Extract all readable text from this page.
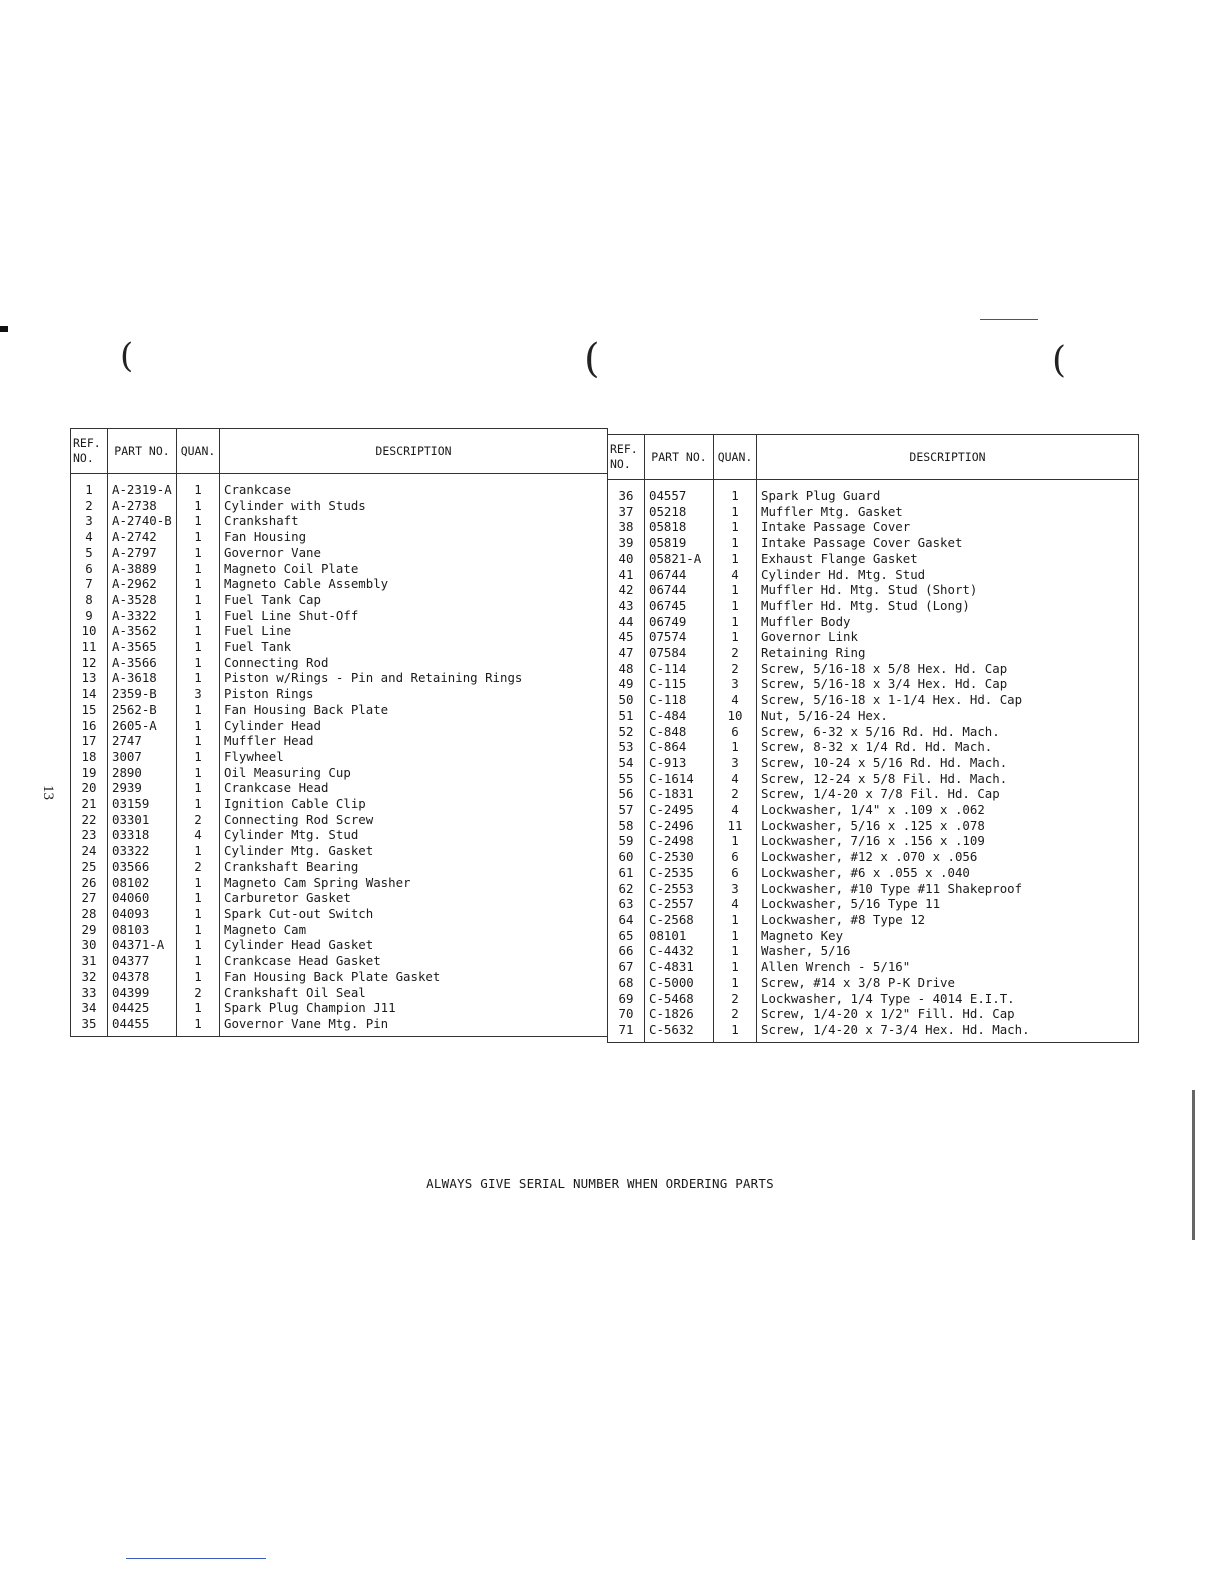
(	(	(
13
REF. NO.	PART NO.	QUAN.	DESCRIPTION
1	A-2319-A	1	Crankcase
2	A-2738	1	Cylinder with Studs
3	A-2740-B	1	Crankshaft
4	A-2742	1	Fan Housing
5	A-2797	1	Governor Vane
6	A-3889	1	Magneto Coil Plate
7	A-2962	1	Magneto Cable Assembly
8	A-3528	1	Fuel Tank Cap
9	A-3322	1	Fuel Line Shut-Off
10	A-3562	1	Fuel Line
11	A-3565	1	Fuel Tank
12	A-3566	1	Connecting Rod
13	A-3618	1	Piston w/Rings - Pin and Retaining Rings
14	2359-B	3	Piston Rings
15	2562-B	1	Fan Housing Back Plate
16	2605-A	1	Cylinder Head
17	2747	1	Muffler Head
18	3007	1	Flywheel
19	2890	1	Oil Measuring Cup
20	2939	1	Crankcase Head
21	03159	1	Ignition Cable Clip
22	03301	2	Connecting Rod Screw
23	03318	4	Cylinder Mtg. Stud
24	03322	1	Cylinder Mtg. Gasket
25	03566	2	Crankshaft Bearing
26	08102	1	Magneto Cam Spring Washer
27	04060	1	Carburetor Gasket
28	04093	1	Spark Cut-out Switch
29	08103	1	Magneto Cam
30	04371-A	1	Cylinder Head Gasket
31	04377	1	Crankcase Head Gasket
32	04378	1	Fan Housing Back Plate Gasket
33	04399	2	Crankshaft Oil Seal
34	04425	1	Spark Plug Champion J11
35	04455	1	Governor Vane Mtg. Pin
REF. NO.	PART NO.	QUAN.	DESCRIPTION
36	04557	1	Spark Plug Guard
37	05218	1	Muffler Mtg. Gasket
38	05818	1	Intake Passage Cover
39	05819	1	Intake Passage Cover Gasket
40	05821-A	1	Exhaust Flange Gasket
41	06744	4	Cylinder Hd. Mtg. Stud
42	06744	1	Muffler Hd. Mtg. Stud (Short)
43	06745	1	Muffler Hd. Mtg. Stud (Long)
44	06749	1	Muffler Body
45	07574	1	Governor Link
47	07584	2	Retaining Ring
48	C-114	2	Screw, 5/16-18 x 5/8 Hex. Hd. Cap
49	C-115	3	Screw, 5/16-18 x 3/4 Hex. Hd. Cap
50	C-118	4	Screw, 5/16-18 x 1-1/4 Hex. Hd. Cap
51	C-484	10	Nut, 5/16-24 Hex.
52	C-848	6	Screw, 6-32 x 5/16 Rd. Hd. Mach.
53	C-864	1	Screw, 8-32 x 1/4 Rd. Hd. Mach.
54	C-913	3	Screw, 10-24 x 5/16 Rd. Hd. Mach.
55	C-1614	4	Screw, 12-24 x 5/8 Fil. Hd. Mach.
56	C-1831	2	Screw, 1/4-20 x 7/8 Fil. Hd. Cap
57	C-2495	4	Lockwasher, 1/4" x .109 x .062
58	C-2496	11	Lockwasher, 5/16 x .125 x .078
59	C-2498	1	Lockwasher, 7/16 x .156 x .109
60	C-2530	6	Lockwasher, #12 x .070 x .056
61	C-2535	6	Lockwasher, #6 x .055 x .040
62	C-2553	3	Lockwasher, #10 Type #11 Shakeproof
63	C-2557	4	Lockwasher, 5/16 Type 11
64	C-2568	1	Lockwasher, #8 Type 12
65	08101	1	Magneto Key
66	C-4432	1	Washer, 5/16
67	C-4831	1	Allen Wrench - 5/16"
68	C-5000	1	Screw, #14 x 3/8 P-K Drive
69	C-5468	2	Lockwasher, 1/4 Type - 4014 E.I.T.
70	C-1826	2	Screw, 1/4-20 x 1/2" Fill. Hd. Cap
71	C-5632	1	Screw, 1/4-20 x 7-3/4 Hex. Hd. Mach.
ALWAYS GIVE SERIAL NUMBER WHEN ORDERING PARTS
